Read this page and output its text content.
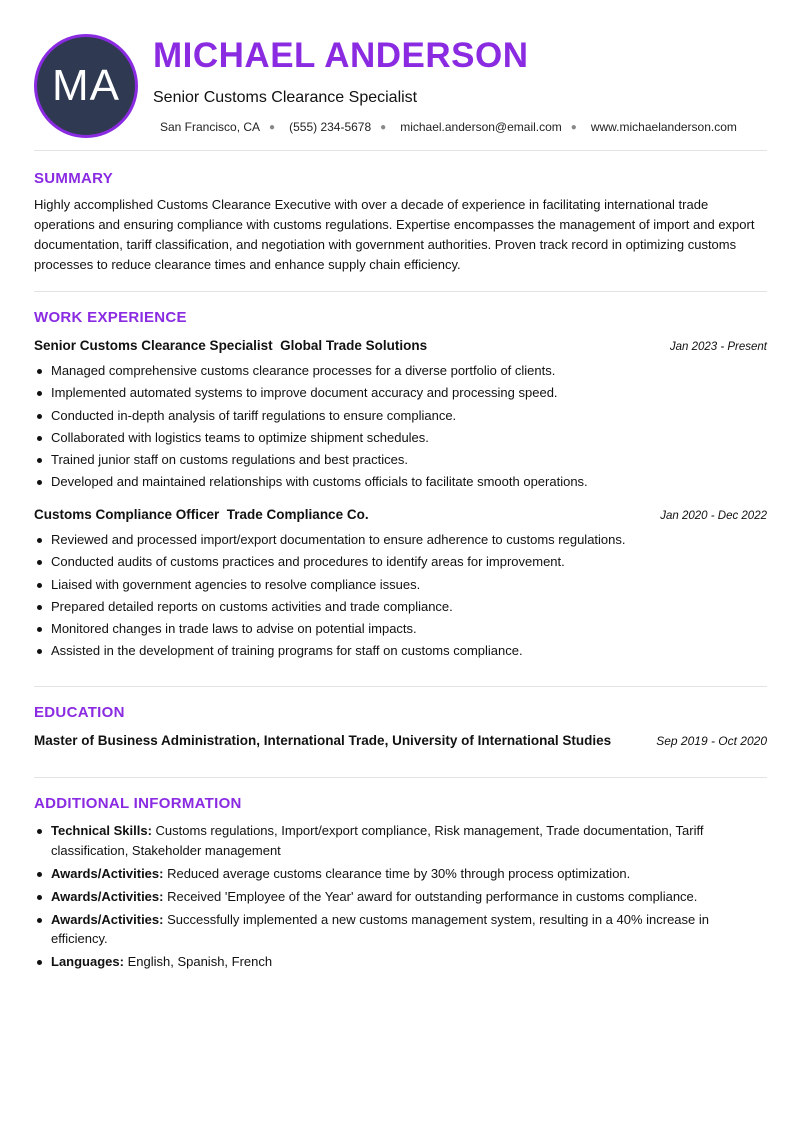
MA
MICHAEL ANDERSON
Senior Customs Clearance Specialist
San Francisco, CA ● (555) 234-5678 ● michael.anderson@email.com ● www.michaelanderson.com
SUMMARY

Highly accomplished Customs Clearance Executive with over a decade of experience in facilitating international trade operations and ensuring compliance with customs regulations. Expertise encompasses the management of import and export documentation, tariff classification, and negotiation with government authorities. Proven track record in optimizing customs processes to reduce clearance times and enhance supply chain efficiency.

WORK EXPERIENCE
Senior Customs Clearance Specialist  Global Trade Solutions	Jan 2023 - Present
Managed comprehensive customs clearance processes for a diverse portfolio of clients.
Implemented automated systems to improve document accuracy and processing speed.
Conducted in-depth analysis of tariff regulations to ensure compliance.
Collaborated with logistics teams to optimize shipment schedules.
Trained junior staff on customs regulations and best practices.
Developed and maintained relationships with customs officials to facilitate smooth operations.
Customs Compliance Officer  Trade Compliance Co.	Jan 2020 - Dec 2022
Reviewed and processed import/export documentation to ensure adherence to customs regulations.
Conducted audits of customs practices and procedures to identify areas for improvement.
Liaised with government agencies to resolve compliance issues.
Prepared detailed reports on customs activities and trade compliance.
Monitored changes in trade laws to advise on potential impacts.
Assisted in the development of training programs for staff on customs compliance.
EDUCATION
Master of Business Administration, International Trade, University of International Studies	Sep 2019 - Oct 2020
ADDITIONAL INFORMATION
Technical Skills: Customs regulations, Import/export compliance, Risk management, Trade documentation, Tariff classification, Stakeholder management
Awards/Activities: Reduced average customs clearance time by 30% through process optimization.
Awards/Activities: Received 'Employee of the Year' award for outstanding performance in customs compliance.
Awards/Activities: Successfully implemented a new customs management system, resulting in a 40% increase in efficiency.
Languages: English, Spanish, French
